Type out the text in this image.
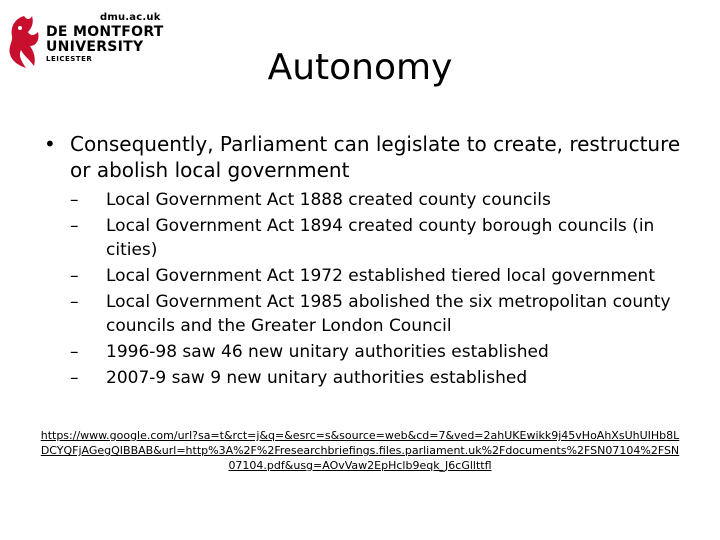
dmu.ac.uk
DE MONTFORT
UNIVERSITY
LEICESTER	Autonomy
• Consequently, Parliament can legislate to create, restructure or abolish local government
– Local Government Act 1888 created county councils
– Local Government Act 1894 created county borough councils (in cities)
– Local Government Act 1972 established tiered local government
– Local Government Act 1985 abolished the six metropolitan county councils and the Greater London Council
– 1996-98 saw 46 new unitary authorities established
– 2007-9 saw 9 new unitary authorities established
https://www.google.com/url?sa=t&rct=j&q=&esrc=s&source=web&cd=7&ved=2ahUKEwikk9j45vHoAhXsUhUIHb8LDCYQFjAGegQIBBAB&url=http%3A%2F%2Fresearchbriefings.files.parliament.uk%2Fdocuments%2FSN07104%2FSN07104.pdf&usg=AOvVaw2EpHclb9eqk_J6cGllttfl
